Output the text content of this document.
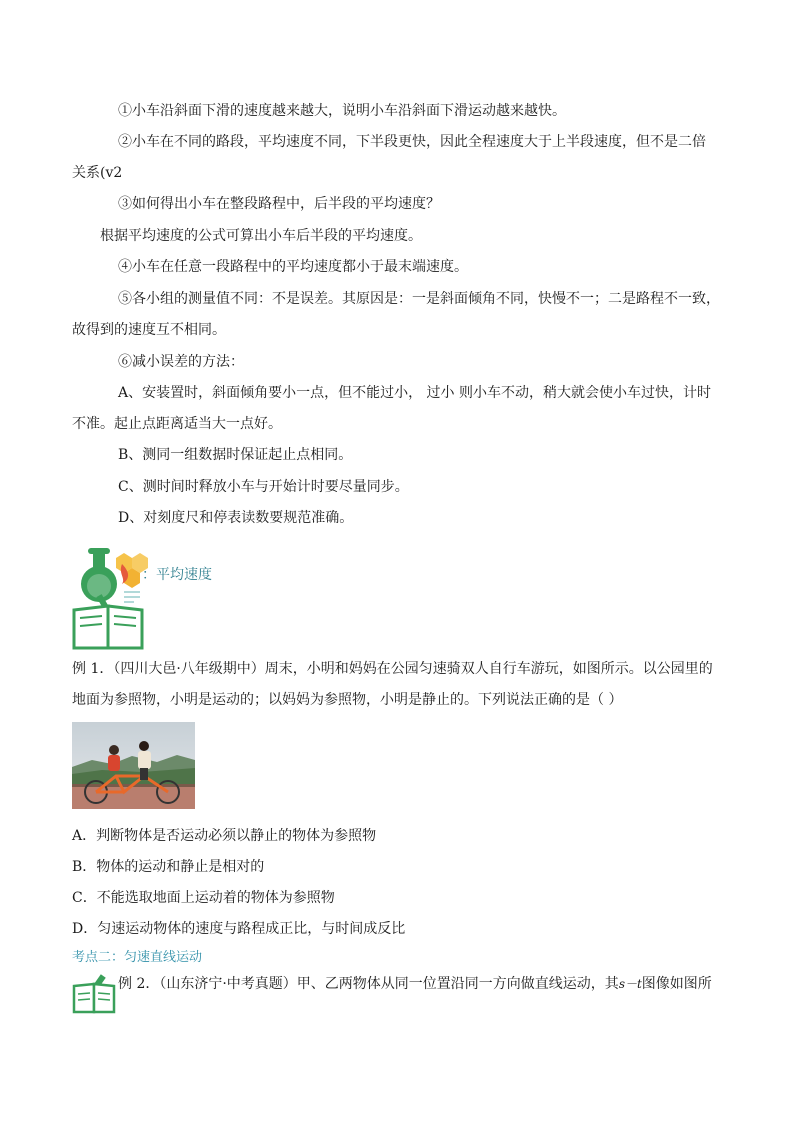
①小车沿斜面下滑的速度越来越大，说明小车沿斜面下滑运动越来越快。
②小车在不同的路段，平均速度不同，下半段更快，因此全程速度大于上半段速度，但不是二倍
关系(v2
③如何得出小车在整段路程中，后半段的平均速度？
根据平均速度的公式可算出小车后半段的平均速度。
④小车在任意一段路程中的平均速度都小于最末端速度。
⑤各小组的测量值不同：不是误差。其原因是：一是斜面倾角不同，快慢不一；二是路程不一致，
故得到的速度互不相同。
⑥减小误差的方法：
A、安装置时，斜面倾角要小一点，但不能过小， 过小 则小车不动，稍大就会使小车过快，计时
不准。起止点距离适当大一点好。
B、测同一组数据时保证起止点相同。
C、测时间时释放小车与开始计时要尽量同步。
D、对刻度尺和停表读数要规范准确。
：平均速度
例 1．（四川大邑·八年级期中）周末，小明和妈妈在公园匀速骑双人自行车游玩，如图所示。以公园里的
地面为参照物，小明是运动的；以妈妈为参照物，小明是静止的。下列说法正确的是（ ）
A．判断物体是否运动必须以静止的物体为参照物
B．物体的运动和静止是相对的
C．不能选取地面上运动着的物体为参照物
D．匀速运动物体的速度与路程成正比，与时间成反比
考点二：匀速直线运动
例 2．（山东济宁·中考真题）甲、乙两物体从同一位置沿同一方向做直线运动，其s－t图像如图所
